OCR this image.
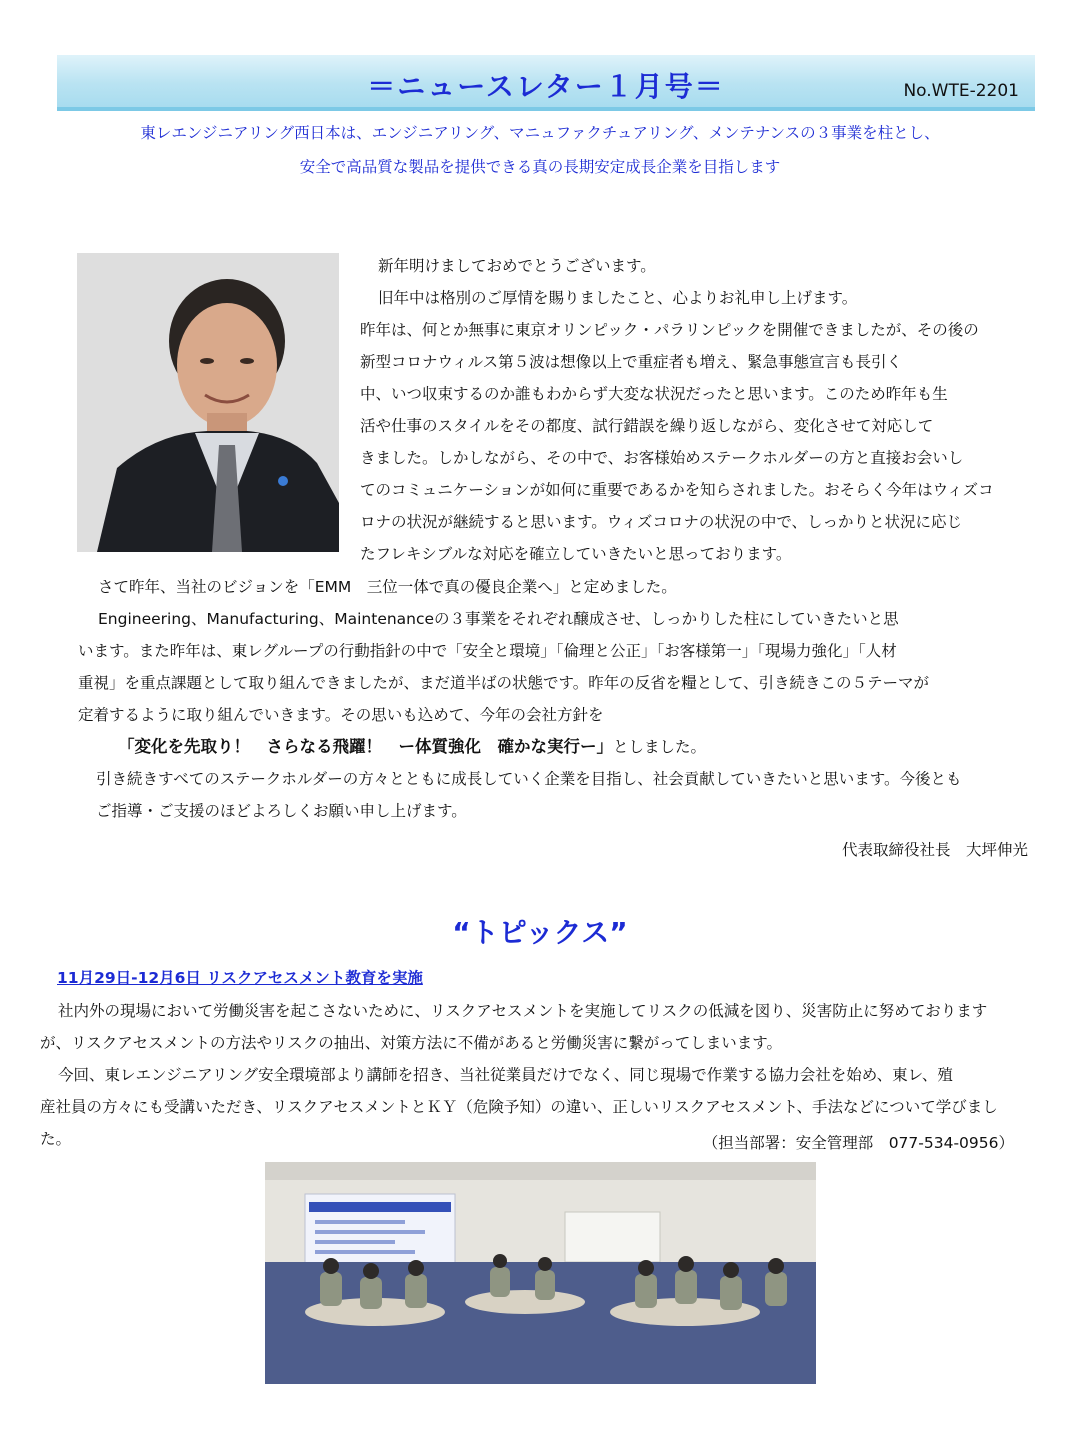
＝ニュースレター１月号＝	No.WTE-2201
東レエンジニアリング西日本は、エンジニアリング、マニュファクチュアリング、メンテナンスの３事業を柱とし、
安全で高品質な製品を提供できる真の長期安定成長企業を目指します
新年明けましておめでとうございます。
旧年中は格別のご厚情を賜りましたこと、心よりお礼申し上げます。
昨年は、何とか無事に東京オリンピック・パラリンピックを開催できましたが、その後の
新型コロナウィルス第５波は想像以上で重症者も増え、緊急事態宣言も長引く
中、いつ収束するのか誰もわからず大変な状況だったと思います。このため昨年も生
活や仕事のスタイルをその都度、試行錯誤を繰り返しながら、変化させて対応して
きました。しかしながら、その中で、お客様始めステークホルダーの方と直接お会いし
てのコミュニケーションが如何に重要であるかを知らされました。おそらく今年はウィズコ
ロナの状況が継続すると思います。ウィズコロナの状況の中で、しっかりと状況に応じ
たフレキシブルな対応を確立していきたいと思っております。
さて昨年、当社のビジョンを「EMM　三位一体で真の優良企業へ」と定めました。
Engineering、Manufacturing、Maintenanceの３事業をそれぞれ醸成させ、しっかりした柱にしていきたいと思
います。また昨年は、東レグループの行動指針の中で「安全と環境」「倫理と公正」「お客様第一」「現場力強化」「人材
重視」を重点課題として取り組んできましたが、まだ道半ばの状態です。昨年の反省を糧として、引き続きこの５テーマが
定着するように取り組んでいきます。その思いも込めて、今年の会社方針を
「変化を先取り！　さらなる飛躍！　ー体質強化　確かな実行ー」としました。
引き続きすべてのステークホルダーの方々とともに成長していく企業を目指し、社会貢献していきたいと思います。今後とも
ご指導・ご支援のほどよろしくお願い申し上げます。
代表取締役社長　大坪伸光
“トピックス”
11月29日-12月6日 リスクアセスメント教育を実施
社内外の現場において労働災害を起こさないために、リスクアセスメントを実施してリスクの低減を図り、災害防止に努めております
が、リスクアセスメントの方法やリスクの抽出、対策方法に不備があると労働災害に繋がってしまいます。
今回、東レエンジニアリング安全環境部より講師を招き、当社従業員だけでなく、同じ現場で作業する協力会社を始め、東レ、殖
産社員の方々にも受講いただき、リスクアセスメントとＫＹ（危険予知）の違い、正しいリスクアセスメント、手法などについて学びまし
た。	（担当部署：安全管理部　077-534-0956）
